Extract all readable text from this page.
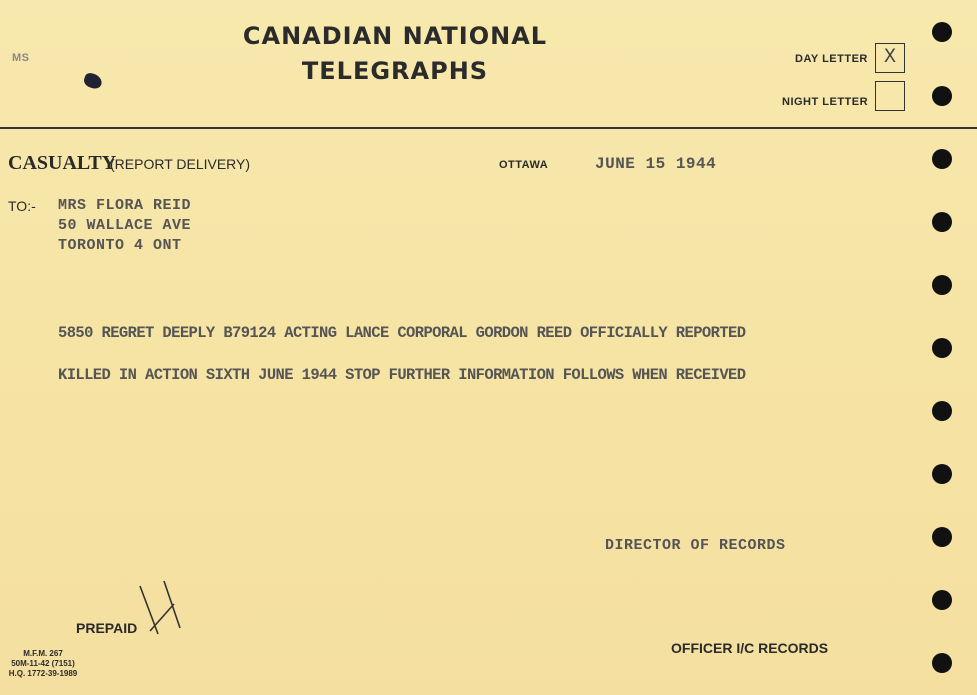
MS
CANADIAN NATIONAL
TELEGRAPHS	DAY LETTER X
NIGHT LETTER
CASUALTY
(REPORT DELIVERY)	OTTAWA	JUNE 15 1944
TO:- MRS FLORA REID
50 WALLACE AVE
TORONTO 4 ONT
5850 REGRET DEEPLY B79124 ACTING LANCE CORPORAL GORDON REED OFFICIALLY REPORTED
KILLED IN ACTION SIXTH JUNE 1944 STOP FURTHER INFORMATION FOLLOWS WHEN RECEIVED
DIRECTOR OF RECORDS
PREPAID
M.F.M. 267
50M-11-42 (7151)
H.Q. 1772-39-1989
OFFICER I/C RECORDS
